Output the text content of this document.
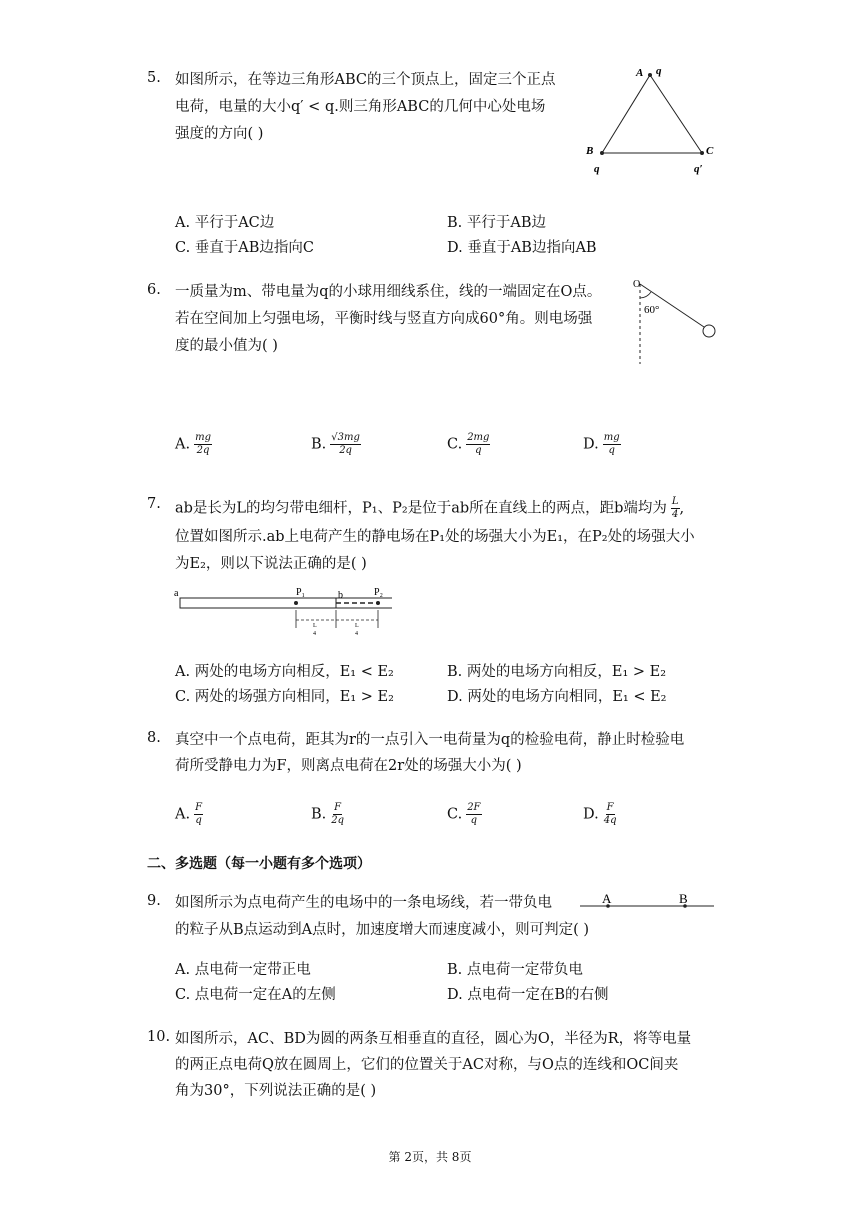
5. 如图所示，在等边三角形ABC的三个顶点上，固定三个正点
电荷，电量的大小q′ < q.则三角形ABC的几何中心处电场
强度的方向( )
A q
B	C
q	q′
A. 平行于AC边	B. 平行于AB边
C. 垂直于AB边指向C	D. 垂直于AB边指向AB
6. 一质量为m、带电量为q的小球用细线系住，线的一端固定在O点。
若在空间加上匀强电场，平衡时线与竖直方向成60°角。则电场强
度的最小值为( )
O
60°
A. $\frac{mg}{2q}$	B. $\frac{√3mg}{2q}$	C. $\frac{2mg}{q}$	D. $\frac{mg}{q}$
7. ab是长为L的均匀带电细杆，P₁、P₂是位于ab所在直线上的两点，距b端均为 $\frac{L}{4}$ ,
位置如图所示.ab上电荷产生的静电场在P₁处的场强大小为E₁，在P₂处的场强大小
为E₂，则以下说法正确的是( )
a	P₁	b	P₂
L
4
L
4
A. 两处的电场方向相反，E₁ < E₂	B. 两处的电场方向相反，E₁ > E₂
C. 两处的场强方向相同，E₁ > E₂	D. 两处的电场方向相同，E₁ < E₂
8. 真空中一个点电荷，距其为r的一点引入一电荷量为q的检验电荷，静止时检验电
荷所受静电力为F，则离点电荷在2r处的场强大小为( )
A. $\frac{F}{q}$	B. $\frac{F}{2q}$	C. $\frac{2F}{q}$	D. $\frac{F}{4q}$
二、多选题（每一小题有多个选项）
9. 如图所示为点电荷产生的电场中的一条电场线，若一带负电
的粒子从B点运动到A点时，加速度增大而速度减小，则可判定( )
A	B
A. 点电荷一定带正电	B. 点电荷一定带负电
C. 点电荷一定在A的左侧	D. 点电荷一定在B的右侧
10. 如图所示，AC、BD为圆的两条互相垂直的直径，圆心为O，半径为R，将等电量
的两正点电荷Q放在圆周上，它们的位置关于AC对称，与O点的连线和OC间夹
角为30°，下列说法正确的是( )
第 2页，共 8页
